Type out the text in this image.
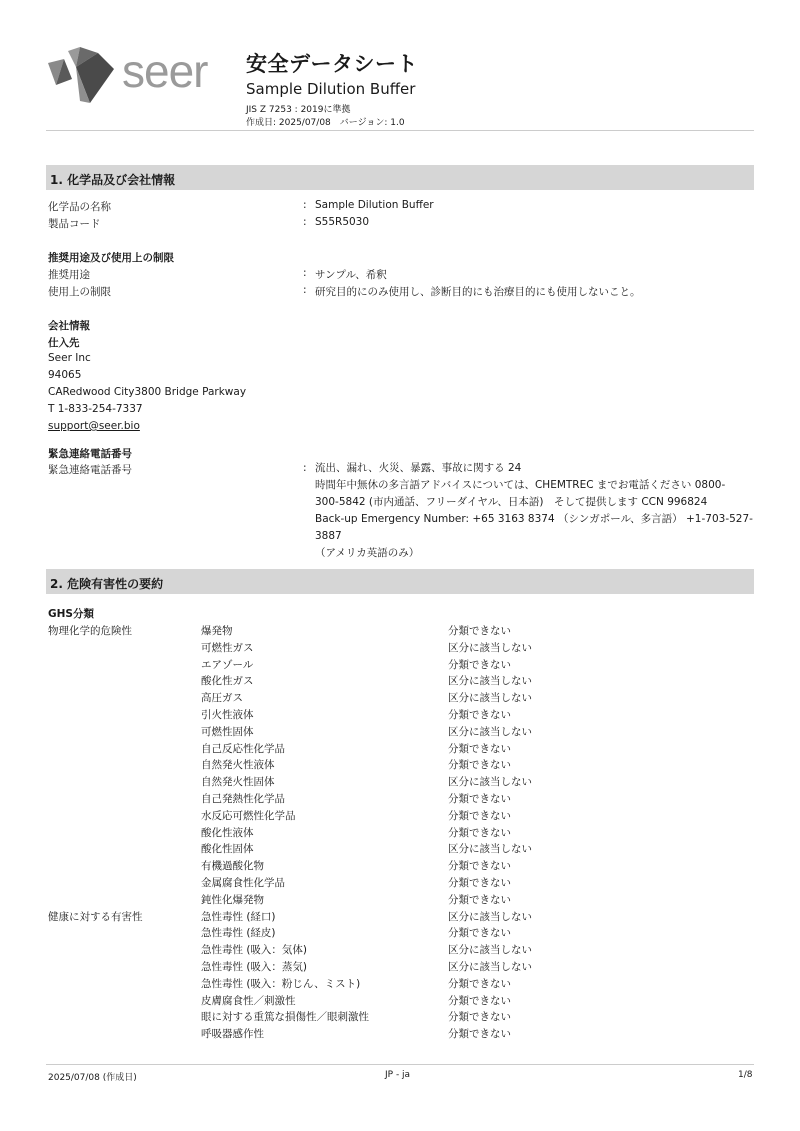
seer 安全データシート
Sample Dilution Buffer
JIS Z 7253 : 2019に準拠
作成日: 2025/07/08　バージョン: 1.0
1. 化学品及び会社情報
化学品の名称	: Sample Dilution Buffer
製品コード	: S55R5030
推奨用途及び使用上の制限
推奨用途	: サンプル、希釈
使用上の制限	: 研究目的にのみ使用し、診断目的にも治療目的にも使用しないこと。
会社情報
仕入先
Seer Inc
94065
CARedwood City3800 Bridge Parkway
T 1-833-254-7337
support@seer.bio
緊急連絡電話番号
緊急連絡電話番号	: 流出、漏れ、火災、暴露、事故に関する 24
時間年中無休の多言語アドバイスについては、CHEMTREC までお電話ください 0800-
300-5842 (市内通話、フリーダイヤル、日本語)　そして提供します CCN 996824
Back-up Emergency Number: +65 3163 8374 （シンガポール、多言語） +1-703-527-3887
（アメリカ英語のみ）
2. 危険有害性の要約
GHS分類
物理化学的危険性	爆発物	分類できない
可燃性ガス	区分に該当しない
エアゾール	分類できない
酸化性ガス	区分に該当しない
高圧ガス	区分に該当しない
引火性液体	分類できない
可燃性固体	区分に該当しない
自己反応性化学品	分類できない
自然発火性液体	分類できない
自然発火性固体	区分に該当しない
自己発熱性化学品	分類できない
水反応可燃性化学品	分類できない
酸化性液体	分類できない
酸化性固体	区分に該当しない
有機過酸化物	分類できない
金属腐食性化学品	分類できない
鈍性化爆発物	分類できない
健康に対する有害性	急性毒性 (経口)	区分に該当しない
急性毒性 (経皮)	分類できない
急性毒性 (吸入：気体)	区分に該当しない
急性毒性 (吸入：蒸気)	区分に該当しない
急性毒性 (吸入：粉じん、ミスト)	分類できない
皮膚腐食性／刺激性	分類できない
眼に対する重篤な損傷性／眼刺激性	分類できない
呼吸器感作性	分類できない
2025/07/08 (作成日)	JP - ja	1/8
